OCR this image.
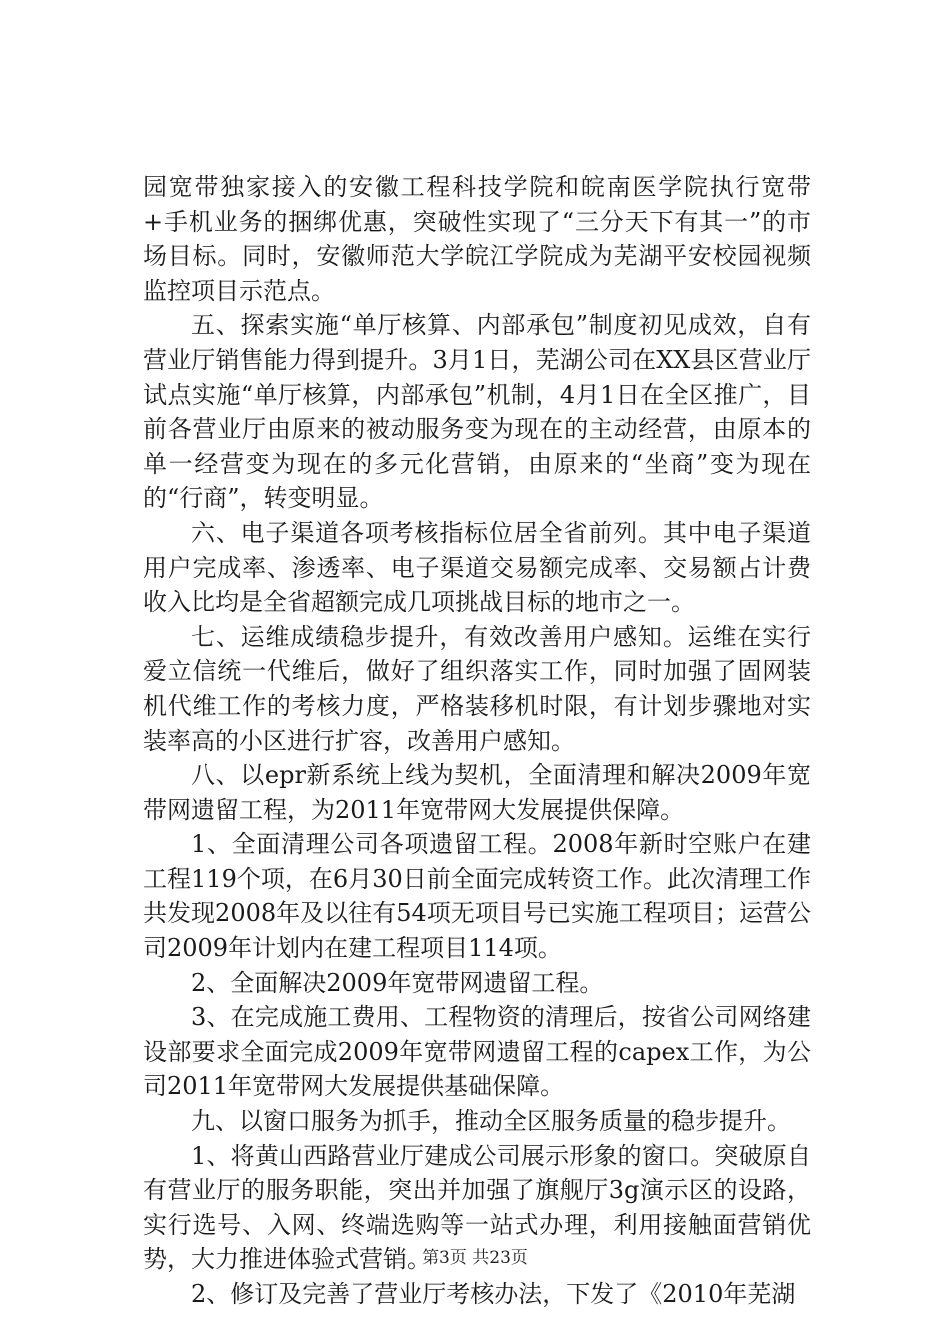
园宽带独家接入的安徽工程科技学院和皖南医学院执行宽带+手机业务的捆绑优惠，突破性实现了“三分天下有其一”的市场目标。同时，安徽师范大学皖江学院成为芜湖平安校园视频监控项目示范点。

五、探索实施“单厅核算、内部承包”制度初见成效，自有营业厅销售能力得到提升。3月1日，芜湖公司在XX县区营业厅试点实施“单厅核算，内部承包”机制，4月1日在全区推广，目前各营业厅由原来的被动服务变为现在的主动经营，由原本的单一经营变为现在的多元化营销，由原来的“坐商”变为现在的“行商”，转变明显。

六、电子渠道各项考核指标位居全省前列。其中电子渠道用户完成率、渗透率、电子渠道交易额完成率、交易额占计费收入比均是全省超额完成几项挑战目标的地市之一。

七、运维成绩稳步提升，有效改善用户感知。运维在实行爱立信统一代维后，做好了组织落实工作，同时加强了固网装机代维工作的考核力度，严格装移机时限，有计划步骤地对实装率高的小区进行扩容，改善用户感知。

八、以epr新系统上线为契机，全面清理和解决2009年宽带网遗留工程，为2011年宽带网大发展提供保障。

1、全面清理公司各项遗留工程。2008年新时空账户在建工程119个项，在6月30日前全面完成转资工作。此次清理工作共发现2008年及以往有54项无项目号已实施工程项目；运营公司2009年计划内在建工程项目114项。

2、全面解决2009年宽带网遗留工程。

3、在完成施工费用、工程物资的清理后，按省公司网络建设部要求全面完成2009年宽带网遗留工程的capex工作，为公司2011年宽带网大发展提供基础保障。

九、以窗口服务为抓手，推动全区服务质量的稳步提升。

1、将黄山西路营业厅建成公司展示形象的窗口。突破原自有营业厅的服务职能，突出并加强了旗舰厅3g演示区的设路，实行选号、入网、终端选购等一站式办理，利用接触面营销优势，大力推进体验式营销。

2、修订及完善了营业厅考核办法，下发了《2010年芜湖

第3页 共23页
